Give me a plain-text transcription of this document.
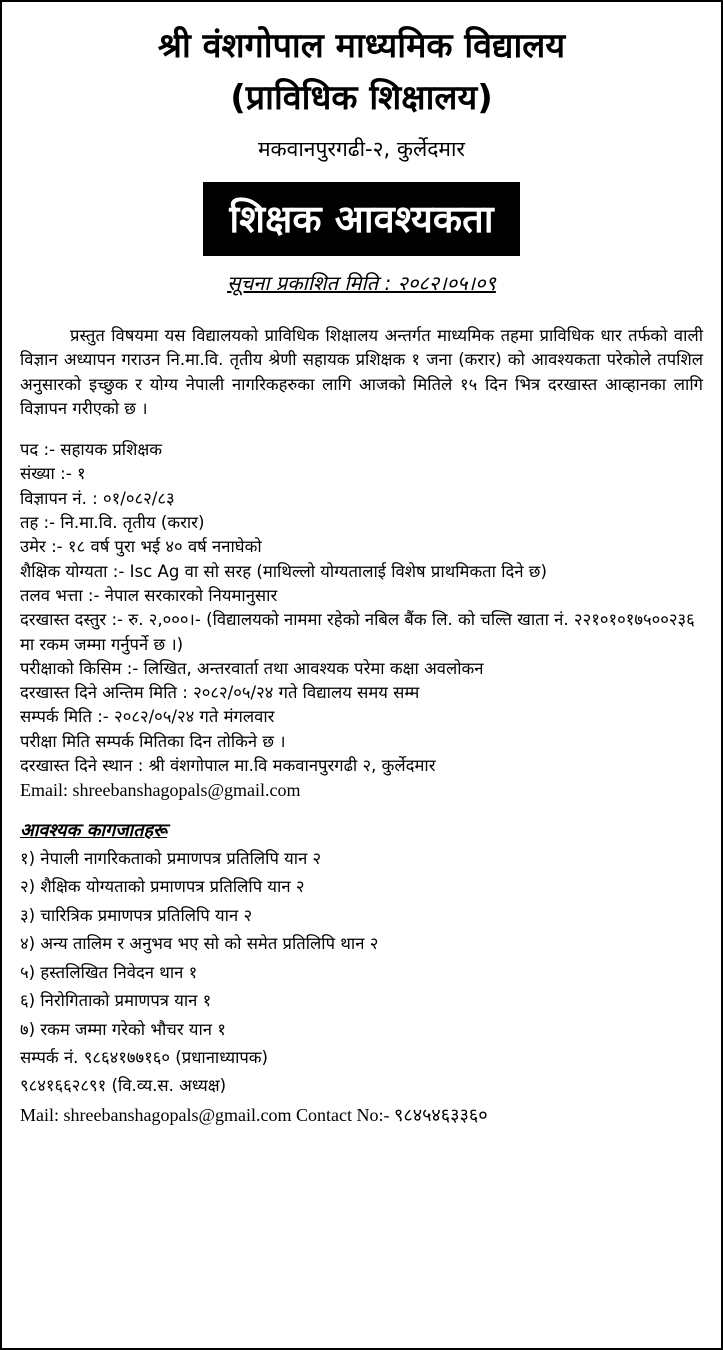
श्री वंशगोपाल माध्यमिक विद्यालय
(प्राविधिक शिक्षालय)
मकवानपुरगढी-२, कुर्लेदमार
शिक्षक आवश्यकता
सूचना प्रकाशित मिति : २०८२।०५।०९

प्रस्तुत विषयमा यस विद्यालयको प्राविधिक शिक्षालय अन्तर्गत माध्यमिक तहमा प्राविधिक धार तर्फको वाली विज्ञान अध्यापन गराउन नि.मा.वि. तृतीय श्रेणी सहायक प्रशिक्षक १ जना (करार) को आवश्यकता परेकोले तपशिल अनुसारको इच्छुक र योग्य नेपाली नागरिकहरुका लागि आजको मितिले १५ दिन भित्र दरखास्त आव्हानका लागि विज्ञापन गरीएको छ ।

पद :- सहायक प्रशिक्षक
संख्या :- १
विज्ञापन नं. : ०१/०८२/८३
तह :- नि.मा.वि. तृतीय (करार)
उमेर :- १८ वर्ष पुरा भई ४० वर्ष ननाघेको
शैक्षिक योग्यता :- Isc Ag वा सो सरह (माथिल्लो योग्यतालाई विशेष प्राथमिकता दिने छ)
तलव भत्ता :- नेपाल सरकारको नियमानुसार
दरखास्त दस्तुर :- रु. २,०००।- (विद्यालयको नाममा रहेको नबिल बैंक लि. को चल्ति खाता नं. २२१०१०१७५००२३६ मा रकम जम्मा गर्नुपर्ने छ ।)
परीक्षाको किसिम :- लिखित, अन्तरवार्ता तथा आवश्यक परेमा कक्षा अवलोकन
दरखास्त दिने अन्तिम मिति : २०८२/०५/२४ गते विद्यालय समय सम्म
सम्पर्क मिति :- २०८२/०५/२४ गते मंगलवार
परीक्षा मिति सम्पर्क मितिका दिन तोकिने छ ।
दरखास्त दिने स्थान : श्री वंशगोपाल मा.वि मकवानपुरगढी २, कुर्लेदमार
Email: shreebanshagopals@gmail.com
आवश्यक कागजातहरू
१) नेपाली नागरिकताको प्रमाणपत्र प्रतिलिपि यान २
२) शैक्षिक योग्यताको प्रमाणपत्र प्रतिलिपि यान २
३) चारित्रिक प्रमाणपत्र प्रतिलिपि यान २
४) अन्य तालिम र अनुभव भए सो को समेत प्रतिलिपि थान २
५) हस्तलिखित निवेदन थान १
६) निरोगिताको प्रमाणपत्र यान १
७) रकम जम्मा गरेको भौचर यान १
सम्पर्क नं. ९८६४१७७१६० (प्रधानाध्यापक)
९८४१६६२८९१ (वि.व्य.स. अध्यक्ष)
Mail: shreebanshagopals@gmail.com Contact No:- ९८४५४६३३६०
